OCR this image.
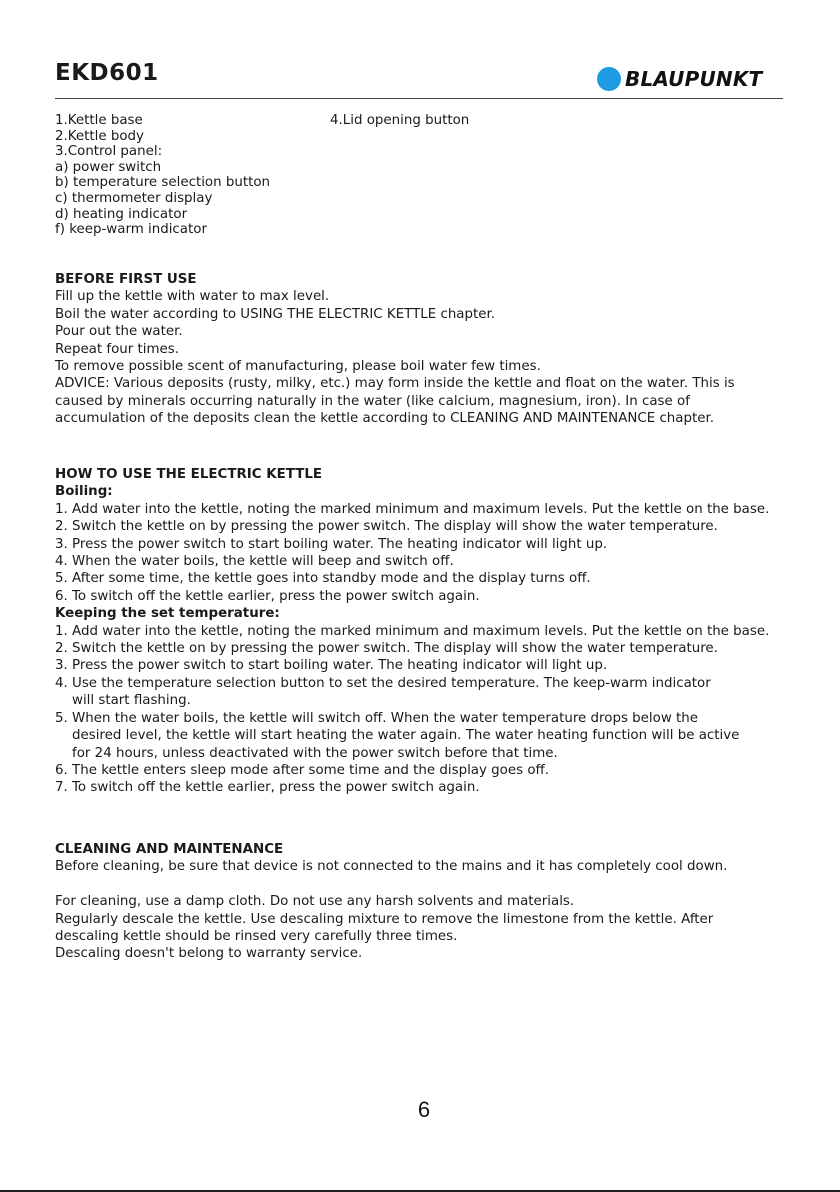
EKD601	BLAUPUNKT
1.Kettle base
2.Kettle body
3.Control panel:
a) power switch
b) temperature selection button
c) thermometer display
d) heating indicator
f) keep-warm indicator
4.Lid opening button
BEFORE FIRST USE
Fill up the kettle with water to max level.
Boil the water according to USING THE ELECTRIC KETTLE chapter.
Pour out the water.
Repeat four times.
To remove possible scent of manufacturing, please boil water few times.
ADVICE: Various deposits (rusty, milky, etc.) may form inside the kettle and float on the water. This is
caused by minerals occurring naturally in the water (like calcium, magnesium, iron). In case of
accumulation of the deposits clean the kettle according to CLEANING AND MAINTENANCE chapter.
HOW TO USE THE ELECTRIC KETTLE
Boiling:
1. Add water into the kettle, noting the marked minimum and maximum levels. Put the kettle on the base.
2. Switch the kettle on by pressing the power switch. The display will show the water temperature.
3. Press the power switch to start boiling water. The heating indicator will light up.
4. When the water boils, the kettle will beep and switch off.
5. After some time, the kettle goes into standby mode and the display turns off.
6. To switch off the kettle earlier, press the power switch again.
Keeping the set temperature:
1. Add water into the kettle, noting the marked minimum and maximum levels. Put the kettle on the base.
2. Switch the kettle on by pressing the power switch. The display will show the water temperature.
3. Press the power switch to start boiling water. The heating indicator will light up.
4. Use the temperature selection button to set the desired temperature. The keep-warm indicator
will start flashing.
5. When the water boils, the kettle will switch off. When the water temperature drops below the
desired level, the kettle will start heating the water again. The water heating function will be active
for 24 hours, unless deactivated with the power switch before that time.
6. The kettle enters sleep mode after some time and the display goes off.
7. To switch off the kettle earlier, press the power switch again.
CLEANING AND MAINTENANCE
Before cleaning, be sure that device is not connected to the mains and it has completely cool down.
For cleaning, use a damp cloth. Do not use any harsh solvents and materials.
Regularly descale the kettle. Use descaling mixture to remove the limestone from the kettle. After
descaling kettle should be rinsed very carefully three times.
Descaling doesn't belong to warranty service.
6
